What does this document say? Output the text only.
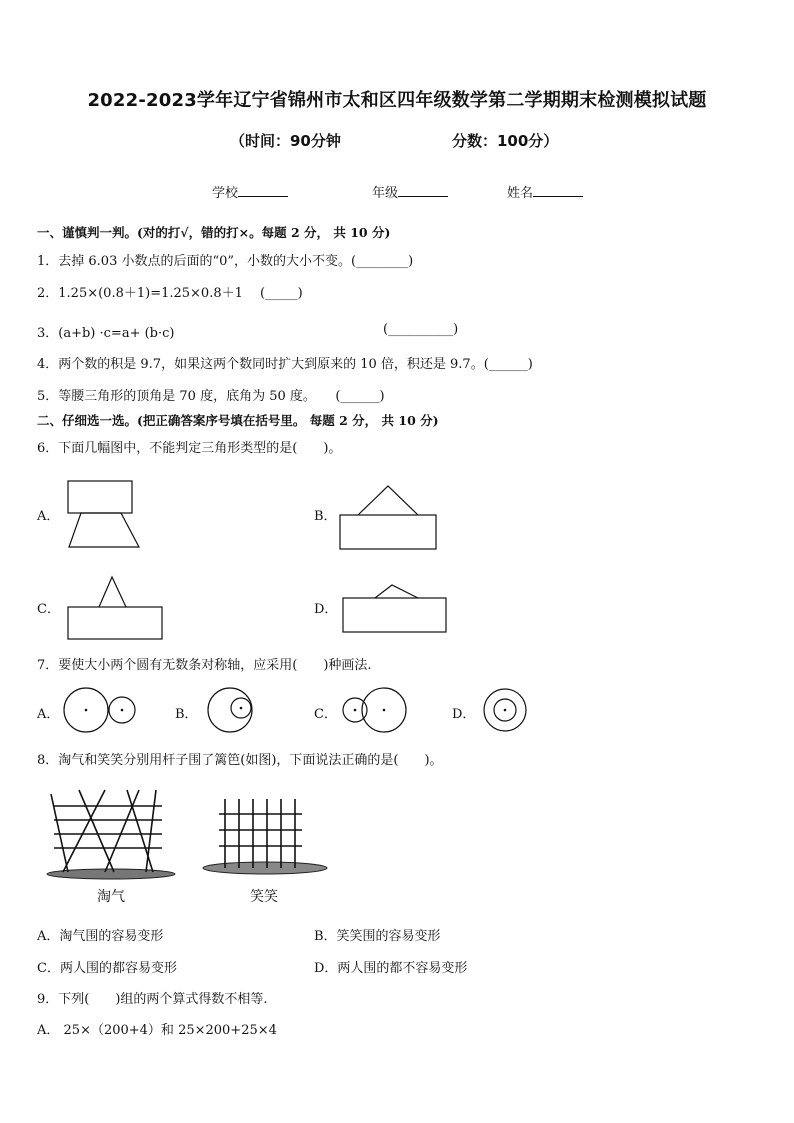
2022-2023学年辽宁省锦州市太和区四年级数学第二学期期末检测模拟试题
（时间：90分钟	分数：100分）
学校	年级	姓名
一、谨慎判一判。(对的打√，错的打×。每题 2 分， 共 10 分)
1．去掉 6.03 小数点的后面的“0”，小数的大小不变。(________)
2．1.25×(0.8＋1)=1.25×0.8＋1　 (_____)
3．(a+b) ·c=a+ (b·c)	(__________)
4．两个数的积是 9.7，如果这两个数同时扩大到原来的 10 倍，积还是 9.7。(______)
5．等腰三角形的顶角是 70 度，底角为 50 度。　　(______)
二、仔细选一选。(把正确答案序号填在括号里。 每题 2 分， 共 10 分)
6．下面几幅图中，不能判定三角形类型的是(　　)。
A．	B．
C．	D．
7．要使大小两个圆有无数条对称轴，应采用(　　)种画法.
A．	B．	C．	D．
8．淘气和笑笑分别用杆子围了篱笆(如图)，下面说法正确的是(　　)。
淘气	笑笑
A．淘气围的容易变形	B．笑笑围的容易变形
C．两人围的都容易变形	D．两人围的都不容易变形
9．下列(　　)组的两个算式得数不相等.
A． 25×（200+4）和 25×200+25×4
